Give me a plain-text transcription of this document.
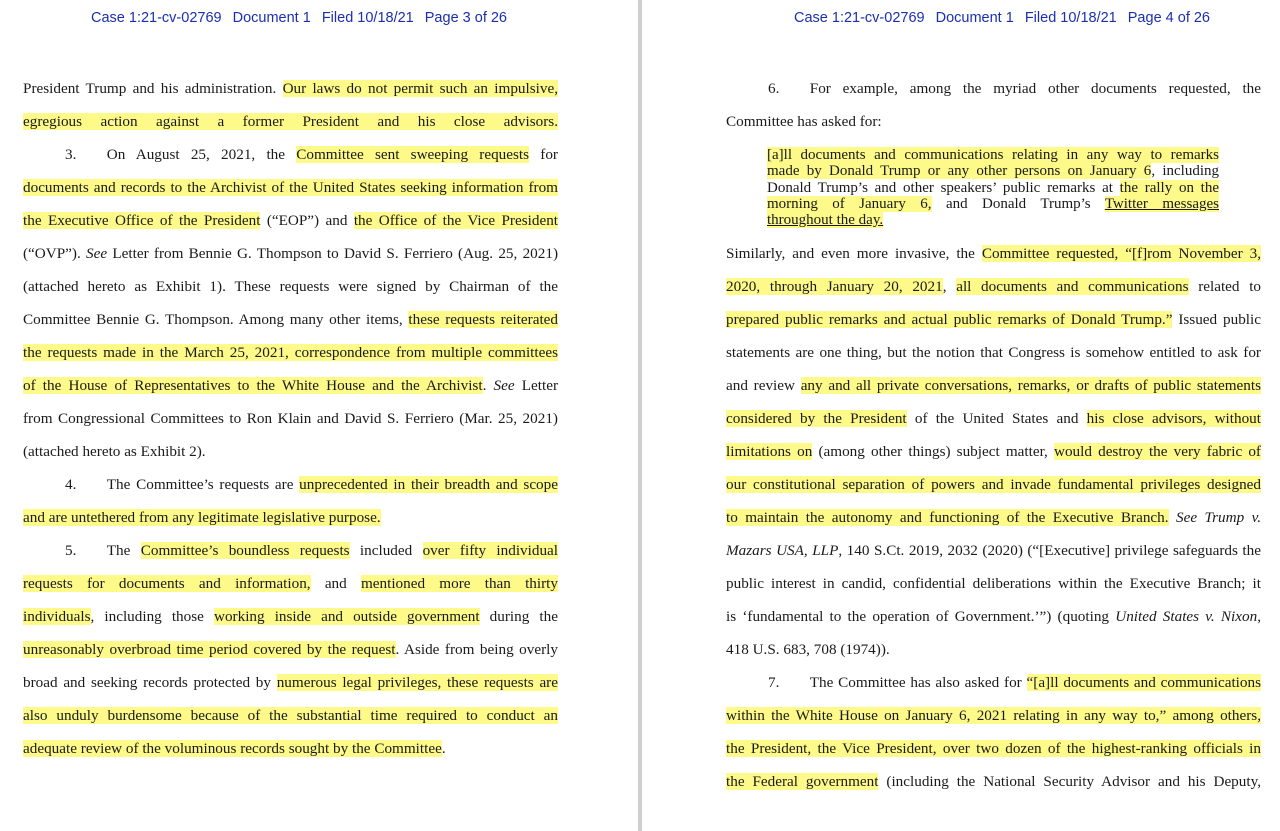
Case 1:21-cv-02769 Document 1 Filed 10/18/21 Page 3 of 26
President Trump and his administration. Our laws do not permit such an impulsive,
egregious action against a former President and his close advisors.
3.  On August 25, 2021, the Committee sent sweeping requests for
documents and records to the Archivist of the United States seeking information from
the Executive Office of the President (“EOP”) and the Office of the Vice President
(“OVP”). See Letter from Bennie G. Thompson to David S. Ferriero (Aug. 25, 2021)
(attached hereto as Exhibit 1). These requests were signed by Chairman of the
Committee Bennie G. Thompson. Among many other items, these requests reiterated
the requests made in the March 25, 2021, correspondence from multiple committees
of the House of Representatives to the White House and the Archivist. See Letter
from Congressional Committees to Ron Klain and David S. Ferriero (Mar. 25, 2021)
(attached hereto as Exhibit 2).
4.  The Committee’s requests are unprecedented in their breadth and scope
and are untethered from any legitimate legislative purpose.
5.  The Committee’s boundless requests included over fifty individual
requests for documents and information, and mentioned more than thirty
individuals, including those working inside and outside government during the
unreasonably overbroad time period covered by the request. Aside from being overly
broad and seeking records protected by numerous legal privileges, these requests are
also unduly burdensome because of the substantial time required to conduct an
adequate review of the voluminous records sought by the Committee.
Case 1:21-cv-02769 Document 1 Filed 10/18/21 Page 4 of 26
6.  For example, among the myriad other documents requested, the
Committee has asked for:
[a]ll documents and communications relating in any way to remarks
made by Donald Trump or any other persons on January 6, including
Donald Trump’s and other speakers’ public remarks at the rally on the
morning of January 6, and Donald Trump’s Twitter messages
throughout the day.
Similarly, and even more invasive, the Committee requested, “[f]rom November 3,
2020, through January 20, 2021, all documents and communications related to
prepared public remarks and actual public remarks of Donald Trump.” Issued public
statements are one thing, but the notion that Congress is somehow entitled to ask for
and review any and all private conversations, remarks, or drafts of public statements
considered by the President of the United States and his close advisors, without
limitations on (among other things) subject matter, would destroy the very fabric of
our constitutional separation of powers and invade fundamental privileges designed
to maintain the autonomy and functioning of the Executive Branch. See Trump v.
Mazars USA, LLP, 140 S.Ct. 2019, 2032 (2020) (“[Executive] privilege safeguards the
public interest in candid, confidential deliberations within the Executive Branch; it
is ‘fundamental to the operation of Government.’”) (quoting United States v. Nixon,
418 U.S. 683, 708 (1974)).
7.  The Committee has also asked for “[a]ll documents and communications
within the White House on January 6, 2021 relating in any way to,” among others,
the President, the Vice President, over two dozen of the highest-ranking officials in
the Federal government (including the National Security Advisor and his Deputy,
